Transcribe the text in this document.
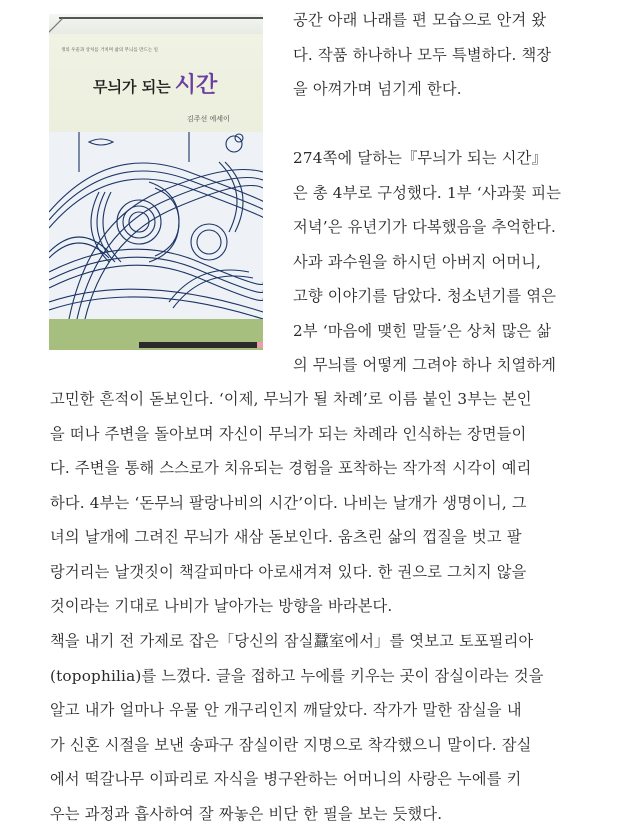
생의 우울과 상처를 거치며 삶의 무늬를 만드는 일
무늬가 되는 시간
김주선 에세이
공간 아래 나래를 편 모습으로 안겨 왔
다. 작품 하나하나 모두 특별하다. 책장
을 아껴가며 넘기게 한다.
274쪽에 달하는『무늬가 되는 시간』
은 총 4부로 구성했다. 1부 ‘사과꽃 피는
저녁’은 유년기가 다복했음을 추억한다.
사과 과수원을 하시던 아버지 어머니,
고향 이야기를 담았다. 청소년기를 엮은
2부 ‘마음에 맺힌 말들’은 상처 많은 삶
의 무늬를 어떻게 그려야 하나 치열하게
고민한 흔적이 돋보인다. ‘이제, 무늬가 될 차례’로 이름 붙인 3부는 본인
을 떠나 주변을 돌아보며 자신이 무늬가 되는 차례라 인식하는 장면들이
다. 주변을 통해 스스로가 치유되는 경험을 포착하는 작가적 시각이 예리
하다. 4부는 ‘돈무늬 팔랑나비의 시간’이다. 나비는 날개가 생명이니, 그
녀의 날개에 그려진 무늬가 새삼 돋보인다. 움츠린 삶의 껍질을 벗고 팔
랑거리는 날갯짓이 책갈피마다 아로새겨져 있다. 한 권으로 그치지 않을
것이라는 기대로 나비가 날아가는 방향을 바라본다.
책을 내기 전 가제로 잡은「당신의 잠실蠶室에서」를 엿보고 토포필리아
(topophilia)를 느꼈다. 글을 접하고 누에를 키우는 곳이 잠실이라는 것을
알고 내가 얼마나 우물 안 개구리인지 깨달았다. 작가가 말한 잠실을 내
가 신혼 시절을 보낸 송파구 잠실이란 지명으로 착각했으니 말이다. 잠실
에서 떡갈나무 이파리로 자식을 병구완하는 어머니의 사랑은 누에를 키
우는 과정과 흡사하여 잘 짜놓은 비단 한 필을 보는 듯했다.
